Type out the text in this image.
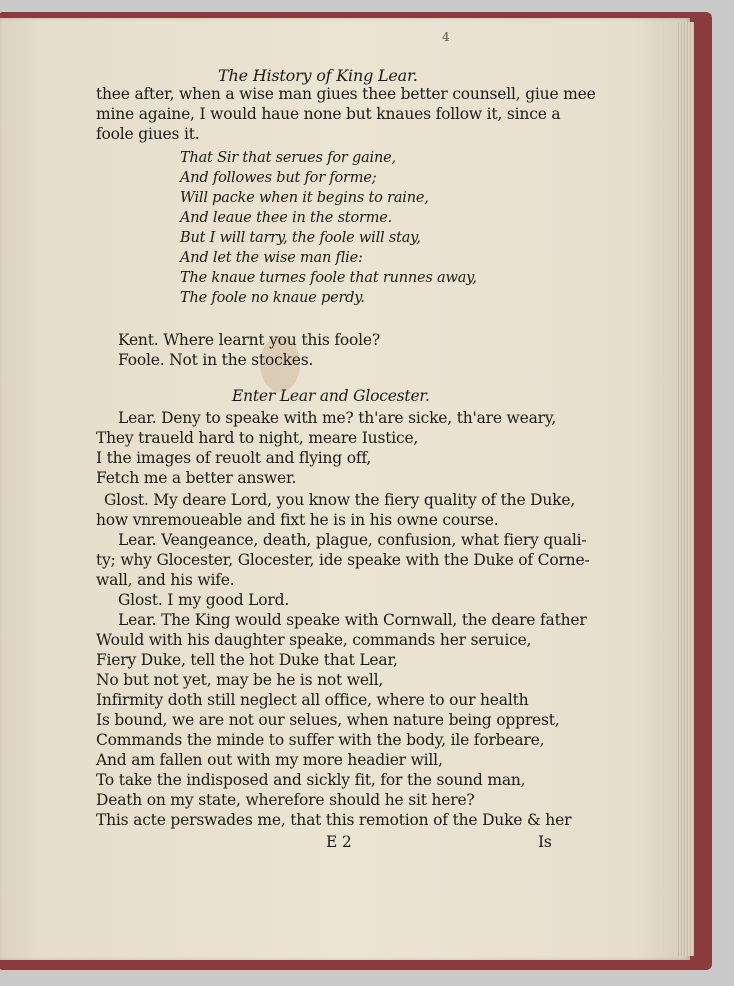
4
The History of King Lear.
thee after, when a wise man giues thee better counsell, giue mee
mine againe, I would haue none but knaues follow it, since a
foole giues it.
That Sir that serues for gaine,
And followes but for forme;
Will packe when it begins to raine,
And leaue thee in the storme.
But I will tarry, the foole will stay,
And let the wise man flie:
The knaue turnes foole that runnes away,
The foole no knaue perdy.
Kent. Where learnt you this foole?
Foole. Not in the stockes.
Enter Lear and Glocester.
Lear. Deny to speake with me? th'are sicke, th'are weary,
They traueld hard to night, meare Iustice,
I the images of reuolt and flying off,
Fetch me a better answer.
Glost. My deare Lord, you know the fiery quality of the Duke,
how vnremoueable and fixt he is in his owne course.
Lear. Veangeance, death, plague, confusion, what fiery quali-
ty; why Glocester, Glocester, ide speake with the Duke of Corne-
wall, and his wife.
Glost. I my good Lord.
Lear. The King would speake with Cornwall, the deare father
Would with his daughter speake, commands her seruice,
Fiery Duke, tell the hot Duke that Lear,
No but not yet, may be he is not well,
Infirmity doth still neglect all office, where to our health
Is bound, we are not our selues, when nature being opprest,
Commands the minde to suffer with the body, ile forbeare,
And am fallen out with my more headier will,
To take the indisposed and sickly fit, for the sound man,
Death on my state, wherefore should he sit here?
This acte perswades me, that this remotion of the Duke & her
E 2	Is
